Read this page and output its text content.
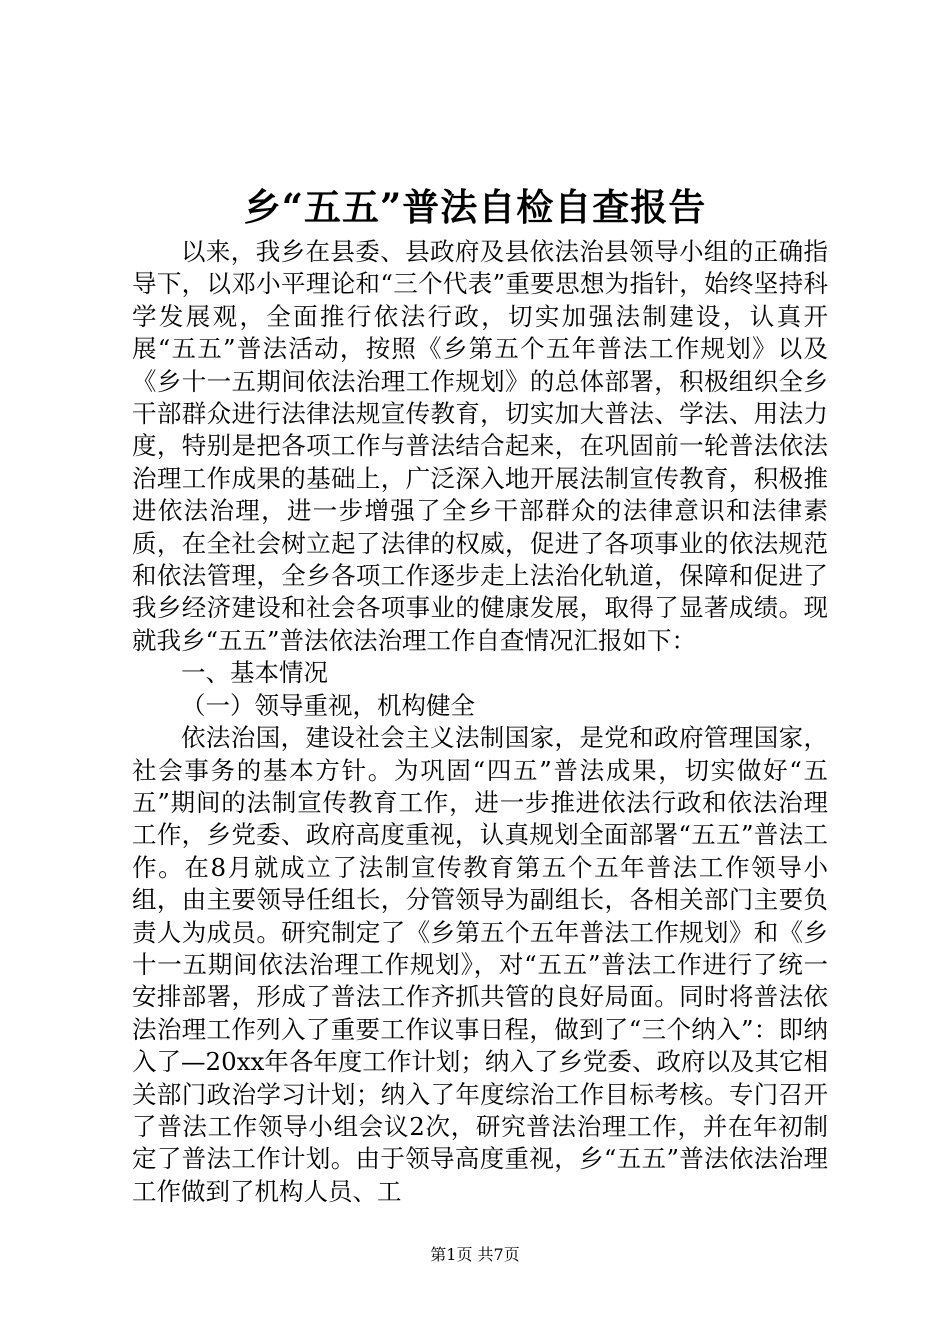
乡“五五”普法自检自查报告

以来，我乡在县委、县政府及县依法治县领导小组的正确指导下，以邓小平理论和“三个代表”重要思想为指针，始终坚持科学发展观，全面推行依法行政，切实加强法制建设，认真开展“五五”普法活动，按照《乡第五个五年普法工作规划》以及《乡十一五期间依法治理工作规划》的总体部署，积极组织全乡干部群众进行法律法规宣传教育，切实加大普法、学法、用法力度，特别是把各项工作与普法结合起来，在巩固前一轮普法依法治理工作成果的基础上，广泛深入地开展法制宣传教育，积极推进依法治理，进一步增强了全乡干部群众的法律意识和法律素质，在全社会树立起了法律的权威，促进了各项事业的依法规范和依法管理，全乡各项工作逐步走上法治化轨道，保障和促进了我乡经济建设和社会各项事业的健康发展，取得了显著成绩。现就我乡“五五”普法依法治理工作自查情况汇报如下：

一、基本情况

（一）领导重视，机构健全

依法治国，建设社会主义法制国家，是党和政府管理国家，社会事务的基本方针。为巩固“四五”普法成果，切实做好“五五”期间的法制宣传教育工作，进一步推进依法行政和依法治理工作，乡党委、政府高度重视，认真规划全面部署“五五”普法工作。在8月就成立了法制宣传教育第五个五年普法工作领导小组，由主要领导任组长，分管领导为副组长，各相关部门主要负责人为成员。研究制定了《乡第五个五年普法工作规划》和《乡十一五期间依法治理工作规划》，对“五五”普法工作进行了统一安排部署，形成了普法工作齐抓共管的良好局面。同时将普法依法治理工作列入了重要工作议事日程，做到了“三个纳入”：即纳入了—20xx年各年度工作计划；纳入了乡党委、政府以及其它相关部门政治学习计划；纳入了年度综治工作目标考核。专门召开了普法工作领导小组会议2次，研究普法治理工作，并在年初制定了普法工作计划。由于领导高度重视，乡“五五”普法依法治理工作做到了机构人员、工

第1页 共7页
